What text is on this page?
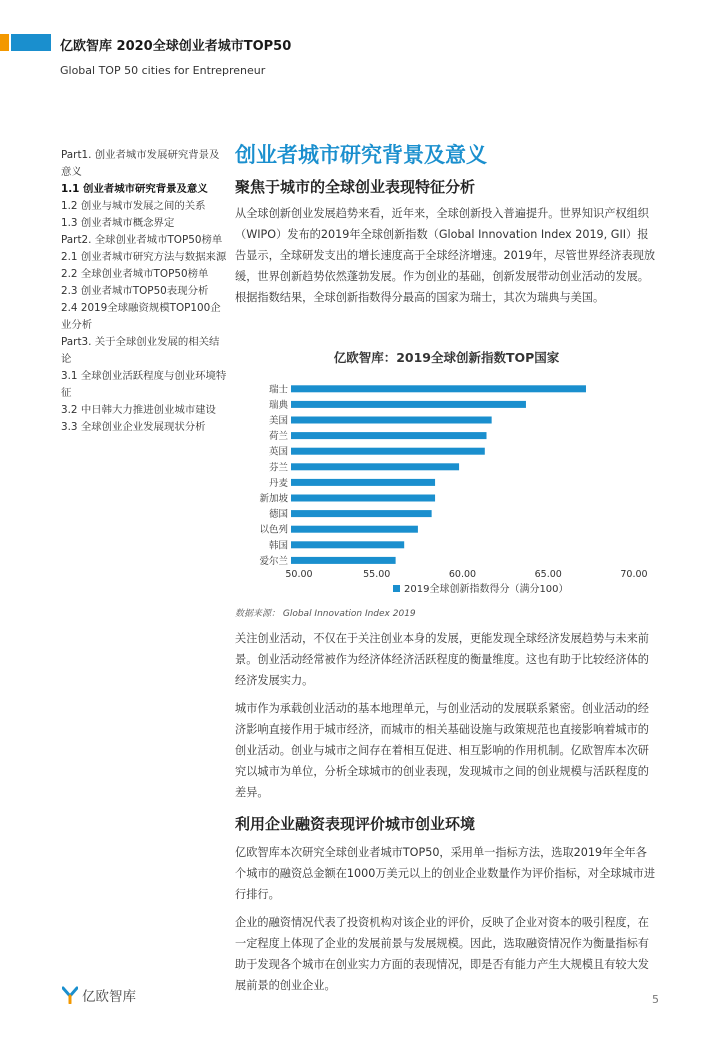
亿欧智库 2020全球创业者城市TOP50
Global TOP 50 cities for Entrepreneur
Part1. 创业者城市发展研究背景及意义
1.1 创业者城市研究背景及意义
1.2 创业与城市发展之间的关系
1.3 创业者城市概念界定
Part2. 全球创业者城市TOP50榜单
2.1 创业者城市研究方法与数据来源
2.2 全球创业者城市TOP50榜单
2.3 创业者城市TOP50表现分析
2.4 2019全球融资规模TOP100企业分析
Part3. 关于全球创业发展的相关结论
3.1 全球创业活跃程度与创业环境特征
3.2 中日韩大力推进创业城市建设
3.3 全球创业企业发展现状分析
创业者城市研究背景及意义
聚焦于城市的全球创业表现特征分析

从全球创新创业发展趋势来看，近年来，全球创新投入普遍提升。世界知识产权组织（WIPO）发布的2019年全球创新指数（Global Innovation Index 2019, GII）报告显示，全球研发支出的增长速度高于全球经济增速。2019年，尽管世界经济表现放缓，世界创新趋势依然蓬勃发展。作为创业的基础，创新发展带动创业活动的发展。根据指数结果，全球创新指数得分最高的国家为瑞士，其次为瑞典与美国。

亿欧智库：2019全球创新指数TOP国家
瑞士
瑞典
美国
荷兰
英国
芬兰
丹麦
新加坡
德国
以色列
韩国
爱尔兰
50.00	55.00	60.00	65.00	70.00
2019全球创新指数得分（满分100）
数据来源： Global Innovation Index 2019

关注创业活动，不仅在于关注创业本身的发展，更能发现全球经济发展趋势与未来前景。创业活动经常被作为经济体经济活跃程度的衡量维度。这也有助于比较经济体的经济发展实力。

城市作为承载创业活动的基本地理单元，与创业活动的发展联系紧密。创业活动的经济影响直接作用于城市经济，而城市的相关基础设施与政策规范也直接影响着城市的创业活动。创业与城市之间存在着相互促进、相互影响的作用机制。亿欧智库本次研究以城市为单位，分析全球城市的创业表现，发现城市之间的创业规模与活跃程度的差异。

利用企业融资表现评价城市创业环境

亿欧智库本次研究全球创业者城市TOP50，采用单一指标方法，选取2019年全年各个城市的融资总金额在1000万美元以上的创业企业数量作为评价指标，对全球城市进行排行。

企业的融资情况代表了投资机构对该企业的评价，反映了企业对资本的吸引程度，在一定程度上体现了企业的发展前景与发展规模。因此，选取融资情况作为衡量指标有助于发现各个城市在创业实力方面的表现情况，即是否有能力产生大规模且有较大发展前景的创业企业。

亿欧智库	5
